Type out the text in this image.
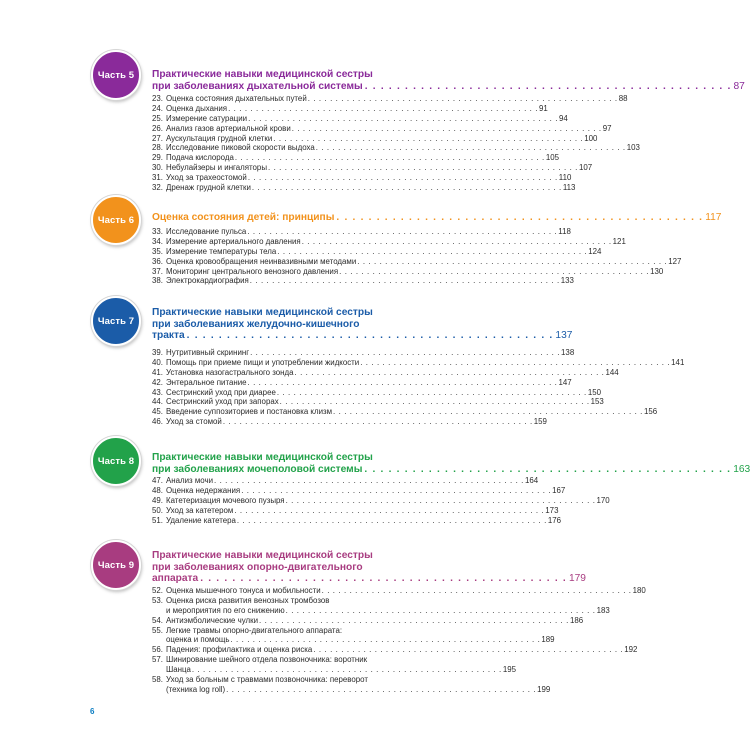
Часть 5	Практические навыки медицинской сестры
при заболеваниях дыхательной системы . . . . . . . . . . . . . . . . . . . . . . . . . . . . . . . . . . . . . . . . . . . . . . 87
23. Оценка состояния дыхательных путей . . . . . . . . . . . . . . . . . . . . . . . . . . . . . . . . . . . . . . . . . . . . . . . . . . . . . . . . 88
24. Оценка дыхания . . . . . . . . . . . . . . . . . . . . . . . . . . . . . . . . . . . . . . . . . . . . . . . . . . . . . . . . 91
25. Измерение сатурации . . . . . . . . . . . . . . . . . . . . . . . . . . . . . . . . . . . . . . . . . . . . . . . . . . . . . . . . 94
26. Анализ газов артериальной крови . . . . . . . . . . . . . . . . . . . . . . . . . . . . . . . . . . . . . . . . . . . . . . . . . . . . . . . . 97
27. Аускультация грудной клетки . . . . . . . . . . . . . . . . . . . . . . . . . . . . . . . . . . . . . . . . . . . . . . . . . . . . . . . . 100
28. Исследование пиковой скорости выдоха . . . . . . . . . . . . . . . . . . . . . . . . . . . . . . . . . . . . . . . . . . . . . . . . . . . . . . . . 103
29. Подача кислорода . . . . . . . . . . . . . . . . . . . . . . . . . . . . . . . . . . . . . . . . . . . . . . . . . . . . . . . . 105
30. Небулайзеры и ингаляторы . . . . . . . . . . . . . . . . . . . . . . . . . . . . . . . . . . . . . . . . . . . . . . . . . . . . . . . . 107
31. Уход за трахеостомой . . . . . . . . . . . . . . . . . . . . . . . . . . . . . . . . . . . . . . . . . . . . . . . . . . . . . . . . 110
32. Дренаж грудной клетки . . . . . . . . . . . . . . . . . . . . . . . . . . . . . . . . . . . . . . . . . . . . . . . . . . . . . . . . 113
Часть 6	Оценка состояния детей: принципы . . . . . . . . . . . . . . . . . . . . . . . . . . . . . . . . . . . . . . . . . . . . . . 117
33. Исследование пульса . . . . . . . . . . . . . . . . . . . . . . . . . . . . . . . . . . . . . . . . . . . . . . . . . . . . . . . . 118
34. Измерение артериального давления . . . . . . . . . . . . . . . . . . . . . . . . . . . . . . . . . . . . . . . . . . . . . . . . . . . . . . . . 121
35. Измерение температуры тела . . . . . . . . . . . . . . . . . . . . . . . . . . . . . . . . . . . . . . . . . . . . . . . . . . . . . . . . 124
36. Оценка кровообращения неинвазивными методами . . . . . . . . . . . . . . . . . . . . . . . . . . . . . . . . . . . . . . . . . . . . . . . . . . . . . . . . 127
37. Мониторинг центрального венозного давления . . . . . . . . . . . . . . . . . . . . . . . . . . . . . . . . . . . . . . . . . . . . . . . . . . . . . . . . 130
38. Электрокардиография . . . . . . . . . . . . . . . . . . . . . . . . . . . . . . . . . . . . . . . . . . . . . . . . . . . . . . . . 133
Часть 7
Практические навыки медицинской сестры
при заболеваниях желудочно-кишечного
тракта . . . . . . . . . . . . . . . . . . . . . . . . . . . . . . . . . . . . . . . . . . . . . . 137
39. Нутритивный скрининг . . . . . . . . . . . . . . . . . . . . . . . . . . . . . . . . . . . . . . . . . . . . . . . . . . . . . . . . 138
40. Помощь при приеме пищи и употреблении жидкости . . . . . . . . . . . . . . . . . . . . . . . . . . . . . . . . . . . . . . . . . . . . . . . . . . . . . . . . 141
41. Установка назогастрального зонда . . . . . . . . . . . . . . . . . . . . . . . . . . . . . . . . . . . . . . . . . . . . . . . . . . . . . . . . 144
42. Энтеральное питание . . . . . . . . . . . . . . . . . . . . . . . . . . . . . . . . . . . . . . . . . . . . . . . . . . . . . . . . 147
43. Сестринский уход при диарее . . . . . . . . . . . . . . . . . . . . . . . . . . . . . . . . . . . . . . . . . . . . . . . . . . . . . . . . 150
44. Сестринский уход при запорах . . . . . . . . . . . . . . . . . . . . . . . . . . . . . . . . . . . . . . . . . . . . . . . . . . . . . . . . 153
45. Введение суппозиториев и постановка клизм . . . . . . . . . . . . . . . . . . . . . . . . . . . . . . . . . . . . . . . . . . . . . . . . . . . . . . . . 156
46. Уход за стомой . . . . . . . . . . . . . . . . . . . . . . . . . . . . . . . . . . . . . . . . . . . . . . . . . . . . . . . . 159
Часть 8	Практические навыки медицинской сестры
при заболеваниях мочеполовой системы . . . . . . . . . . . . . . . . . . . . . . . . . . . . . . . . . . . . . . . . . . . . . . 163
47. Анализ мочи . . . . . . . . . . . . . . . . . . . . . . . . . . . . . . . . . . . . . . . . . . . . . . . . . . . . . . . . 164
48. Оценка недержания . . . . . . . . . . . . . . . . . . . . . . . . . . . . . . . . . . . . . . . . . . . . . . . . . . . . . . . . 167
49. Катетеризация мочевого пузыря . . . . . . . . . . . . . . . . . . . . . . . . . . . . . . . . . . . . . . . . . . . . . . . . . . . . . . . . 170
50. Уход за катетером . . . . . . . . . . . . . . . . . . . . . . . . . . . . . . . . . . . . . . . . . . . . . . . . . . . . . . . . 173
51. Удаление катетера . . . . . . . . . . . . . . . . . . . . . . . . . . . . . . . . . . . . . . . . . . . . . . . . . . . . . . . . 176
Часть 9
Практические навыки медицинской сестры
при заболеваниях опорно-двигательного
аппарата . . . . . . . . . . . . . . . . . . . . . . . . . . . . . . . . . . . . . . . . . . . . . . 179
52. Оценка мышечного тонуса и мобильности . . . . . . . . . . . . . . . . . . . . . . . . . . . . . . . . . . . . . . . . . . . . . . . . . . . . . . . . 180
53. Оценка риска развития венозных тромбозов
и мероприятия по его снижению . . . . . . . . . . . . . . . . . . . . . . . . . . . . . . . . . . . . . . . . . . . . . . . . . . . . . . . . 183
54. Антиэмболические чулки . . . . . . . . . . . . . . . . . . . . . . . . . . . . . . . . . . . . . . . . . . . . . . . . . . . . . . . . 186
55. Легкие травмы опорно-двигательного аппарата:
оценка и помощь . . . . . . . . . . . . . . . . . . . . . . . . . . . . . . . . . . . . . . . . . . . . . . . . . . . . . . . . 189
56. Падения: профилактика и оценка риска . . . . . . . . . . . . . . . . . . . . . . . . . . . . . . . . . . . . . . . . . . . . . . . . . . . . . . . . 192
57. Шинирование шейного отдела позвоночника: воротник
Шанца . . . . . . . . . . . . . . . . . . . . . . . . . . . . . . . . . . . . . . . . . . . . . . . . . . . . . . . . 195
58. Уход за больным с травмами позвоночника: переворот
(техника log roll) . . . . . . . . . . . . . . . . . . . . . . . . . . . . . . . . . . . . . . . . . . . . . . . . . . . . . . . . 199
6
